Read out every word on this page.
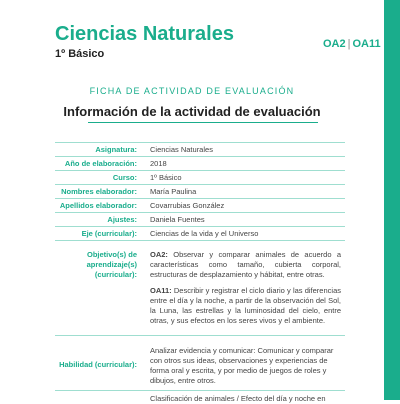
Ciencias Naturales
1º Básico
OA2 | OA11
FICHA DE ACTIVIDAD DE EVALUACIÓN
Información de la actividad de evaluación
Asignatura: Ciencias Naturales
Año de elaboración: 2018
Curso: 1º Básico
Nombres elaborador: María Paulina
Apellidos elaborador: Covarrubias González
Ajustes: Daniela Fuentes
Eje (curricular): Ciencias de la vida y el Universo
Objetivo(s) de aprendizaje(s) (curricular):
OA2: Observar y comparar animales de acuerdo a características como tamaño, cubierta corporal, estructuras de desplazamiento y hábitat, entre otras.
OA11: Describir y registrar el ciclo diario y las diferencias entre el día y la noche, a partir de la observación del Sol, la Luna, las estrellas y la luminosidad del cielo, entre otras, y sus efectos en los seres vivos y el ambiente.
Habilidad (curricular):
Analizar evidencia y comunicar: Comunicar y comparar con otros sus ideas, observaciones y experiencias de forma oral y escrita, y por medio de juegos de roles y dibujos, entre otros.
Clasificación de animales / Efecto del día y noche en
